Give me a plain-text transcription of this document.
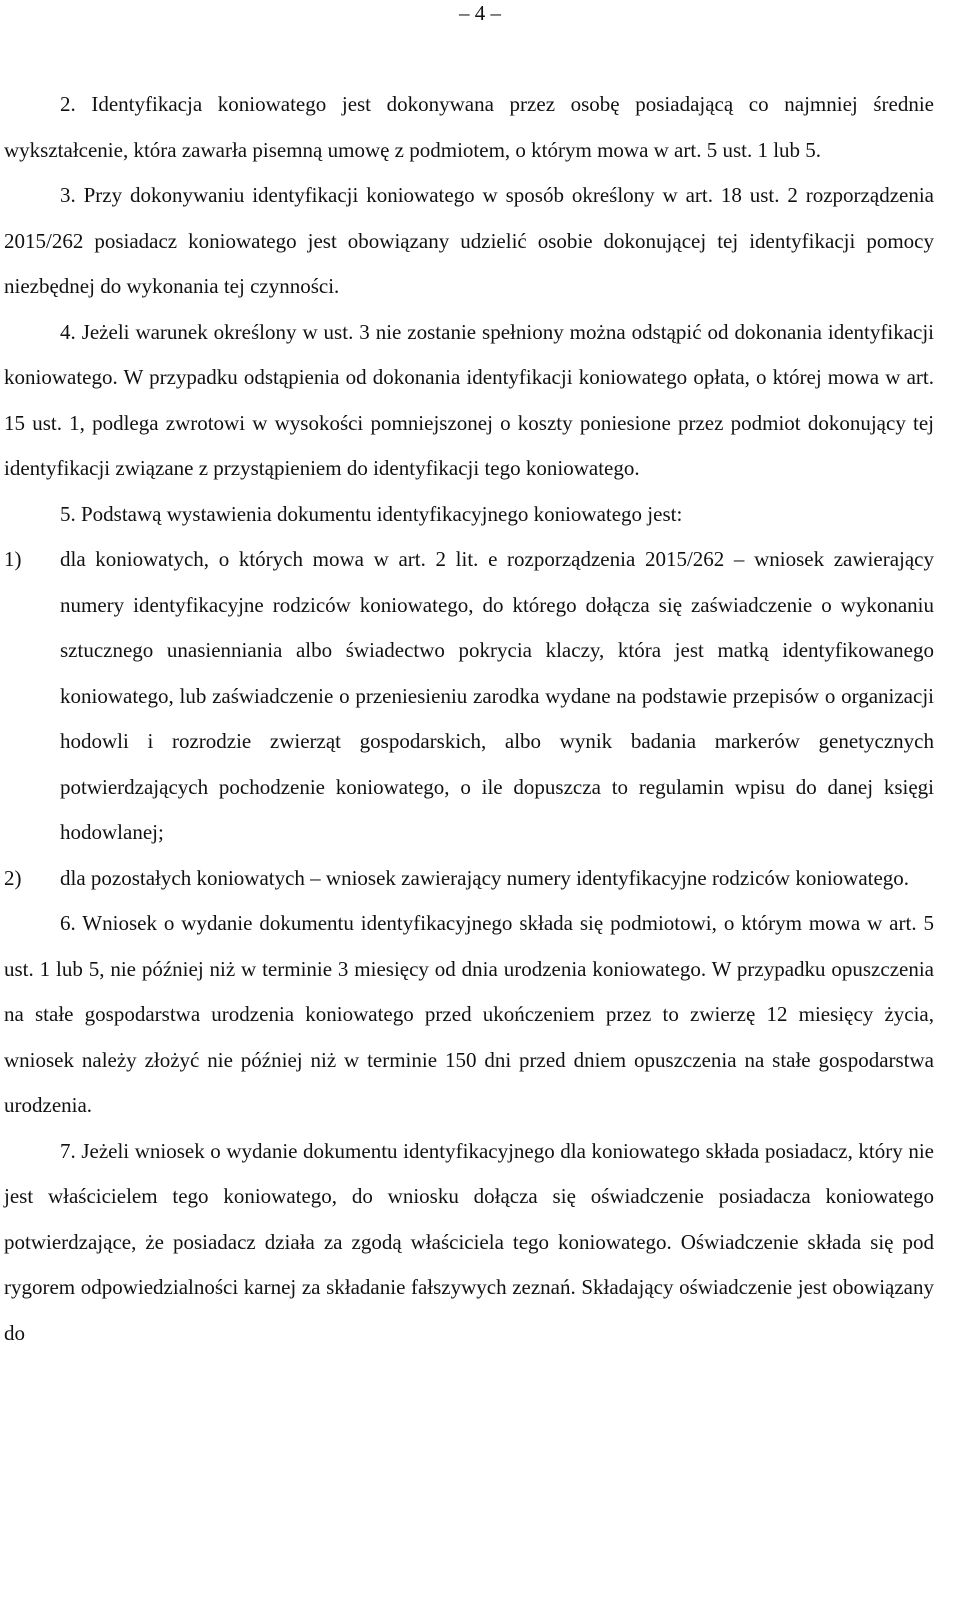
– 4 –

2. Identyfikacja koniowatego jest dokonywana przez osobę posiadającą co najmniej średnie wykształcenie, która zawarła pisemną umowę z podmiotem, o którym mowa w art. 5 ust. 1 lub 5.

3. Przy dokonywaniu identyfikacji koniowatego w sposób określony w art. 18 ust. 2 rozporządzenia 2015/262 posiadacz koniowatego jest obowiązany udzielić osobie dokonującej tej identyfikacji pomocy niezbędnej do wykonania tej czynności.

4. Jeżeli warunek określony w ust. 3 nie zostanie spełniony można odstąpić od dokonania identyfikacji koniowatego. W przypadku odstąpienia od dokonania identyfikacji koniowatego opłata, o której mowa w art. 15 ust. 1, podlega zwrotowi w wysokości pomniejszonej o koszty poniesione przez podmiot dokonujący tej identyfikacji związane z przystąpieniem do identyfikacji tego koniowatego.

5. Podstawą wystawienia dokumentu identyfikacyjnego koniowatego jest:

1) dla koniowatych, o których mowa w art. 2 lit. e rozporządzenia 2015/262 – wniosek zawierający numery identyfikacyjne rodziców koniowatego, do którego dołącza się zaświadczenie o wykonaniu sztucznego unasienniania albo świadectwo pokrycia klaczy, która jest matką identyfikowanego koniowatego, lub zaświadczenie o przeniesieniu zarodka wydane na podstawie przepisów o organizacji hodowli i rozrodzie zwierząt gospodarskich, albo wynik badania markerów genetycznych potwierdzających pochodzenie koniowatego, o ile dopuszcza to regulamin wpisu do danej księgi hodowlanej;
2) dla pozostałych koniowatych – wniosek zawierający numery identyfikacyjne rodziców koniowatego.

6. Wniosek o wydanie dokumentu identyfikacyjnego składa się podmiotowi, o którym mowa w art. 5 ust. 1 lub 5, nie później niż w terminie 3 miesięcy od dnia urodzenia koniowatego. W przypadku opuszczenia na stałe gospodarstwa urodzenia koniowatego przed ukończeniem przez to zwierzę 12 miesięcy życia, wniosek należy złożyć nie później niż w terminie 150 dni przed dniem opuszczenia na stałe gospodarstwa urodzenia.

7. Jeżeli wniosek o wydanie dokumentu identyfikacyjnego dla koniowatego składa posiadacz, który nie jest właścicielem tego koniowatego, do wniosku dołącza się oświadczenie posiadacza koniowatego potwierdzające, że posiadacz działa za zgodą właściciela tego koniowatego. Oświadczenie składa się pod rygorem odpowiedzialności karnej za składanie fałszywych zeznań. Składający oświadczenie jest obowiązany do
